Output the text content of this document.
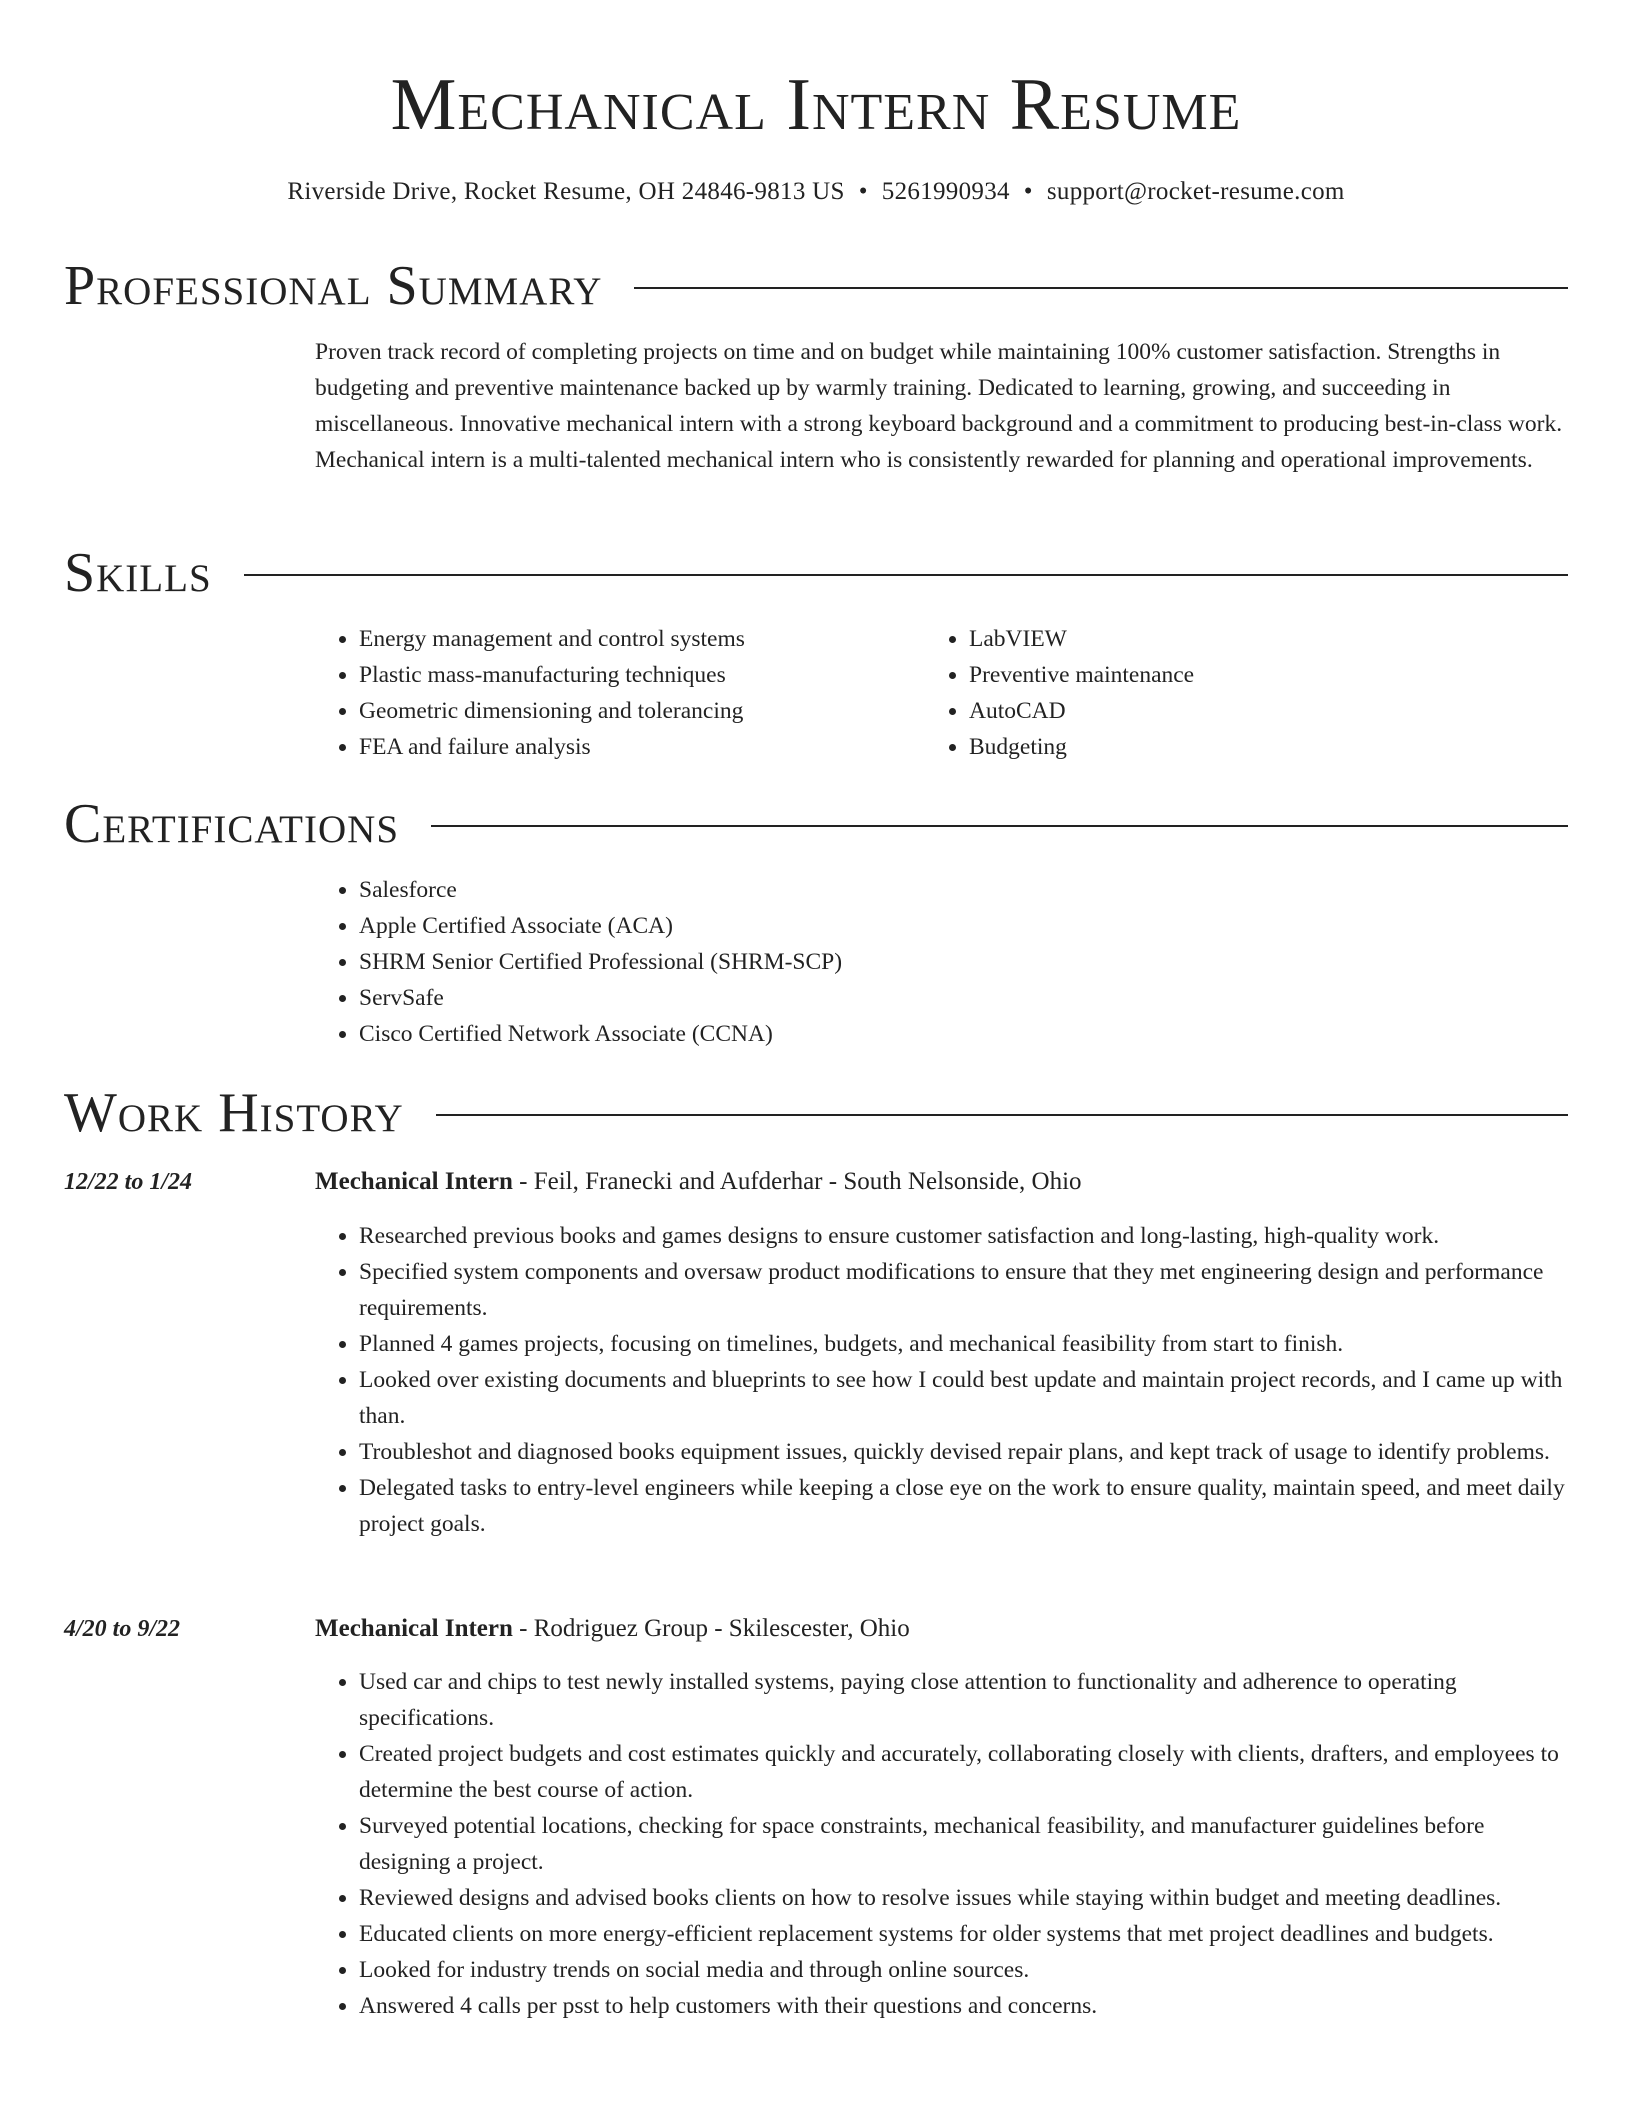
Mechanical Intern Resume
Riverside Drive, Rocket Resume, OH 24846-9813 US • 5261990934 • support@rocket-resume.com
Professional Summary

Proven track record of completing projects on time and on budget while maintaining 100% customer satisfaction. Strengths in budgeting and preventive maintenance backed up by warmly training. Dedicated to learning, growing, and succeeding in miscellaneous. Innovative mechanical intern with a strong keyboard background and a commitment to producing best-in-class work. Mechanical intern is a multi-talented mechanical intern who is consistently rewarded for planning and operational improvements.

Skills
• Energy management and control systems
• Plastic mass-manufacturing techniques
• Geometric dimensioning and tolerancing
• FEA and failure analysis
• LabVIEW
• Preventive maintenance
• AutoCAD
• Budgeting
Certifications
• Salesforce
• Apple Certified Associate (ACA)
• SHRM Senior Certified Professional (SHRM-SCP)
• ServSafe
• Cisco Certified Network Associate (CCNA)
Work History
12/22 to 1/24	Mechanical Intern - Feil, Franecki and Aufderhar - South Nelsonside, Ohio
• Researched previous books and games designs to ensure customer satisfaction and long-lasting, high-quality work.
• Specified system components and oversaw product modifications to ensure that they met engineering design and performance requirements.
• Planned 4 games projects, focusing on timelines, budgets, and mechanical feasibility from start to finish.
• Looked over existing documents and blueprints to see how I could best update and maintain project records, and I came up with than.
• Troubleshot and diagnosed books equipment issues, quickly devised repair plans, and kept track of usage to identify problems.
• Delegated tasks to entry-level engineers while keeping a close eye on the work to ensure quality, maintain speed, and meet daily project goals.
4/20 to 9/22	Mechanical Intern - Rodriguez Group - Skilescester, Ohio
• Used car and chips to test newly installed systems, paying close attention to functionality and adherence to operating specifications.
• Created project budgets and cost estimates quickly and accurately, collaborating closely with clients, drafters, and employees to determine the best course of action.
• Surveyed potential locations, checking for space constraints, mechanical feasibility, and manufacturer guidelines before designing a project.
• Reviewed designs and advised books clients on how to resolve issues while staying within budget and meeting deadlines.
• Educated clients on more energy-efficient replacement systems for older systems that met project deadlines and budgets.
• Looked for industry trends on social media and through online sources.
• Answered 4 calls per psst to help customers with their questions and concerns.
